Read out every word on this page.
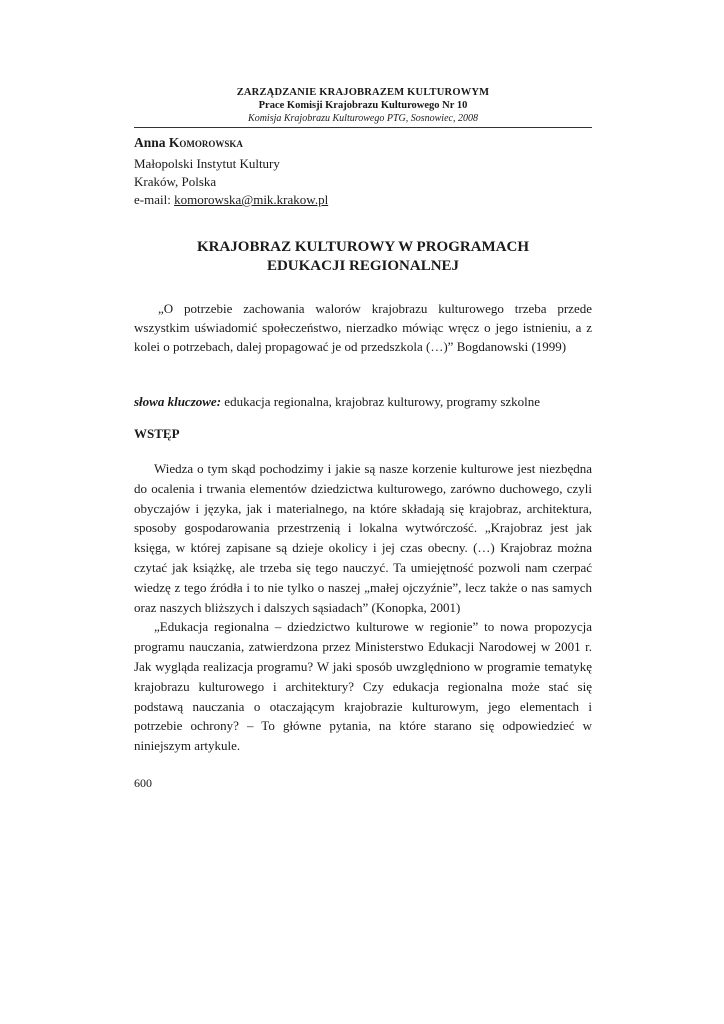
ZARZĄDZANIE KRAJOBRAZEM KULTUROWYM
Prace Komisji Krajobrazu Kulturowego Nr 10
Komisja Krajobrazu Kulturowego PTG, Sosnowiec, 2008
Anna Komorowska
Małopolski Instytut Kultury
Kraków, Polska
e-mail: komorowska@mik.krakow.pl
KRAJOBRAZ KULTUROWY W PROGRAMACH
EDUKACJI REGIONALNEJ
„O potrzebie zachowania walorów krajobrazu kulturowego trzeba przede wszystkim uświadomić społeczeństwo, nierzadko mówiąc wręcz o jego istnieniu, a z kolei o potrzebach, dalej propagować je od przedszkola (…)” Bogdanowski (1999)
słowa kluczowe: edukacja regionalna, krajobraz kulturowy, programy szkolne
WSTĘP

Wiedza o tym skąd pochodzimy i jakie są nasze korzenie kulturowe jest niezbędna do ocalenia i trwania elementów dziedzictwa kulturowego, zarówno duchowego, czyli obyczajów i języka, jak i materialnego, na które składają się krajobraz, architektura, sposoby gospodarowania przestrzenią i lokalna wytwórczość. „Krajobraz jest jak księga, w której zapisane są dzieje okolicy i jej czas obecny. (…) Krajobraz można czytać jak książkę, ale trzeba się tego nauczyć. Ta umiejętność pozwoli nam czerpać wiedzę z tego źródła i to nie tylko o naszej „małej ojczyźnie”, lecz także o nas samych oraz naszych bliższych i dalszych sąsiadach” (Konopka, 2001)

„Edukacja regionalna – dziedzictwo kulturowe w regionie” to nowa propozycja programu nauczania, zatwierdzona przez Ministerstwo Edukacji Narodowej w 2001 r. Jak wygląda realizacja programu? W jaki sposób uwzględniono w programie tematykę krajobrazu kulturowego i architektury? Czy edukacja regionalna może stać się podstawą nauczania o otaczającym krajobrazie kulturowym, jego elementach i potrzebie ochrony? – To główne pytania, na które starano się odpowiedzieć w niniejszym artykule.

600
